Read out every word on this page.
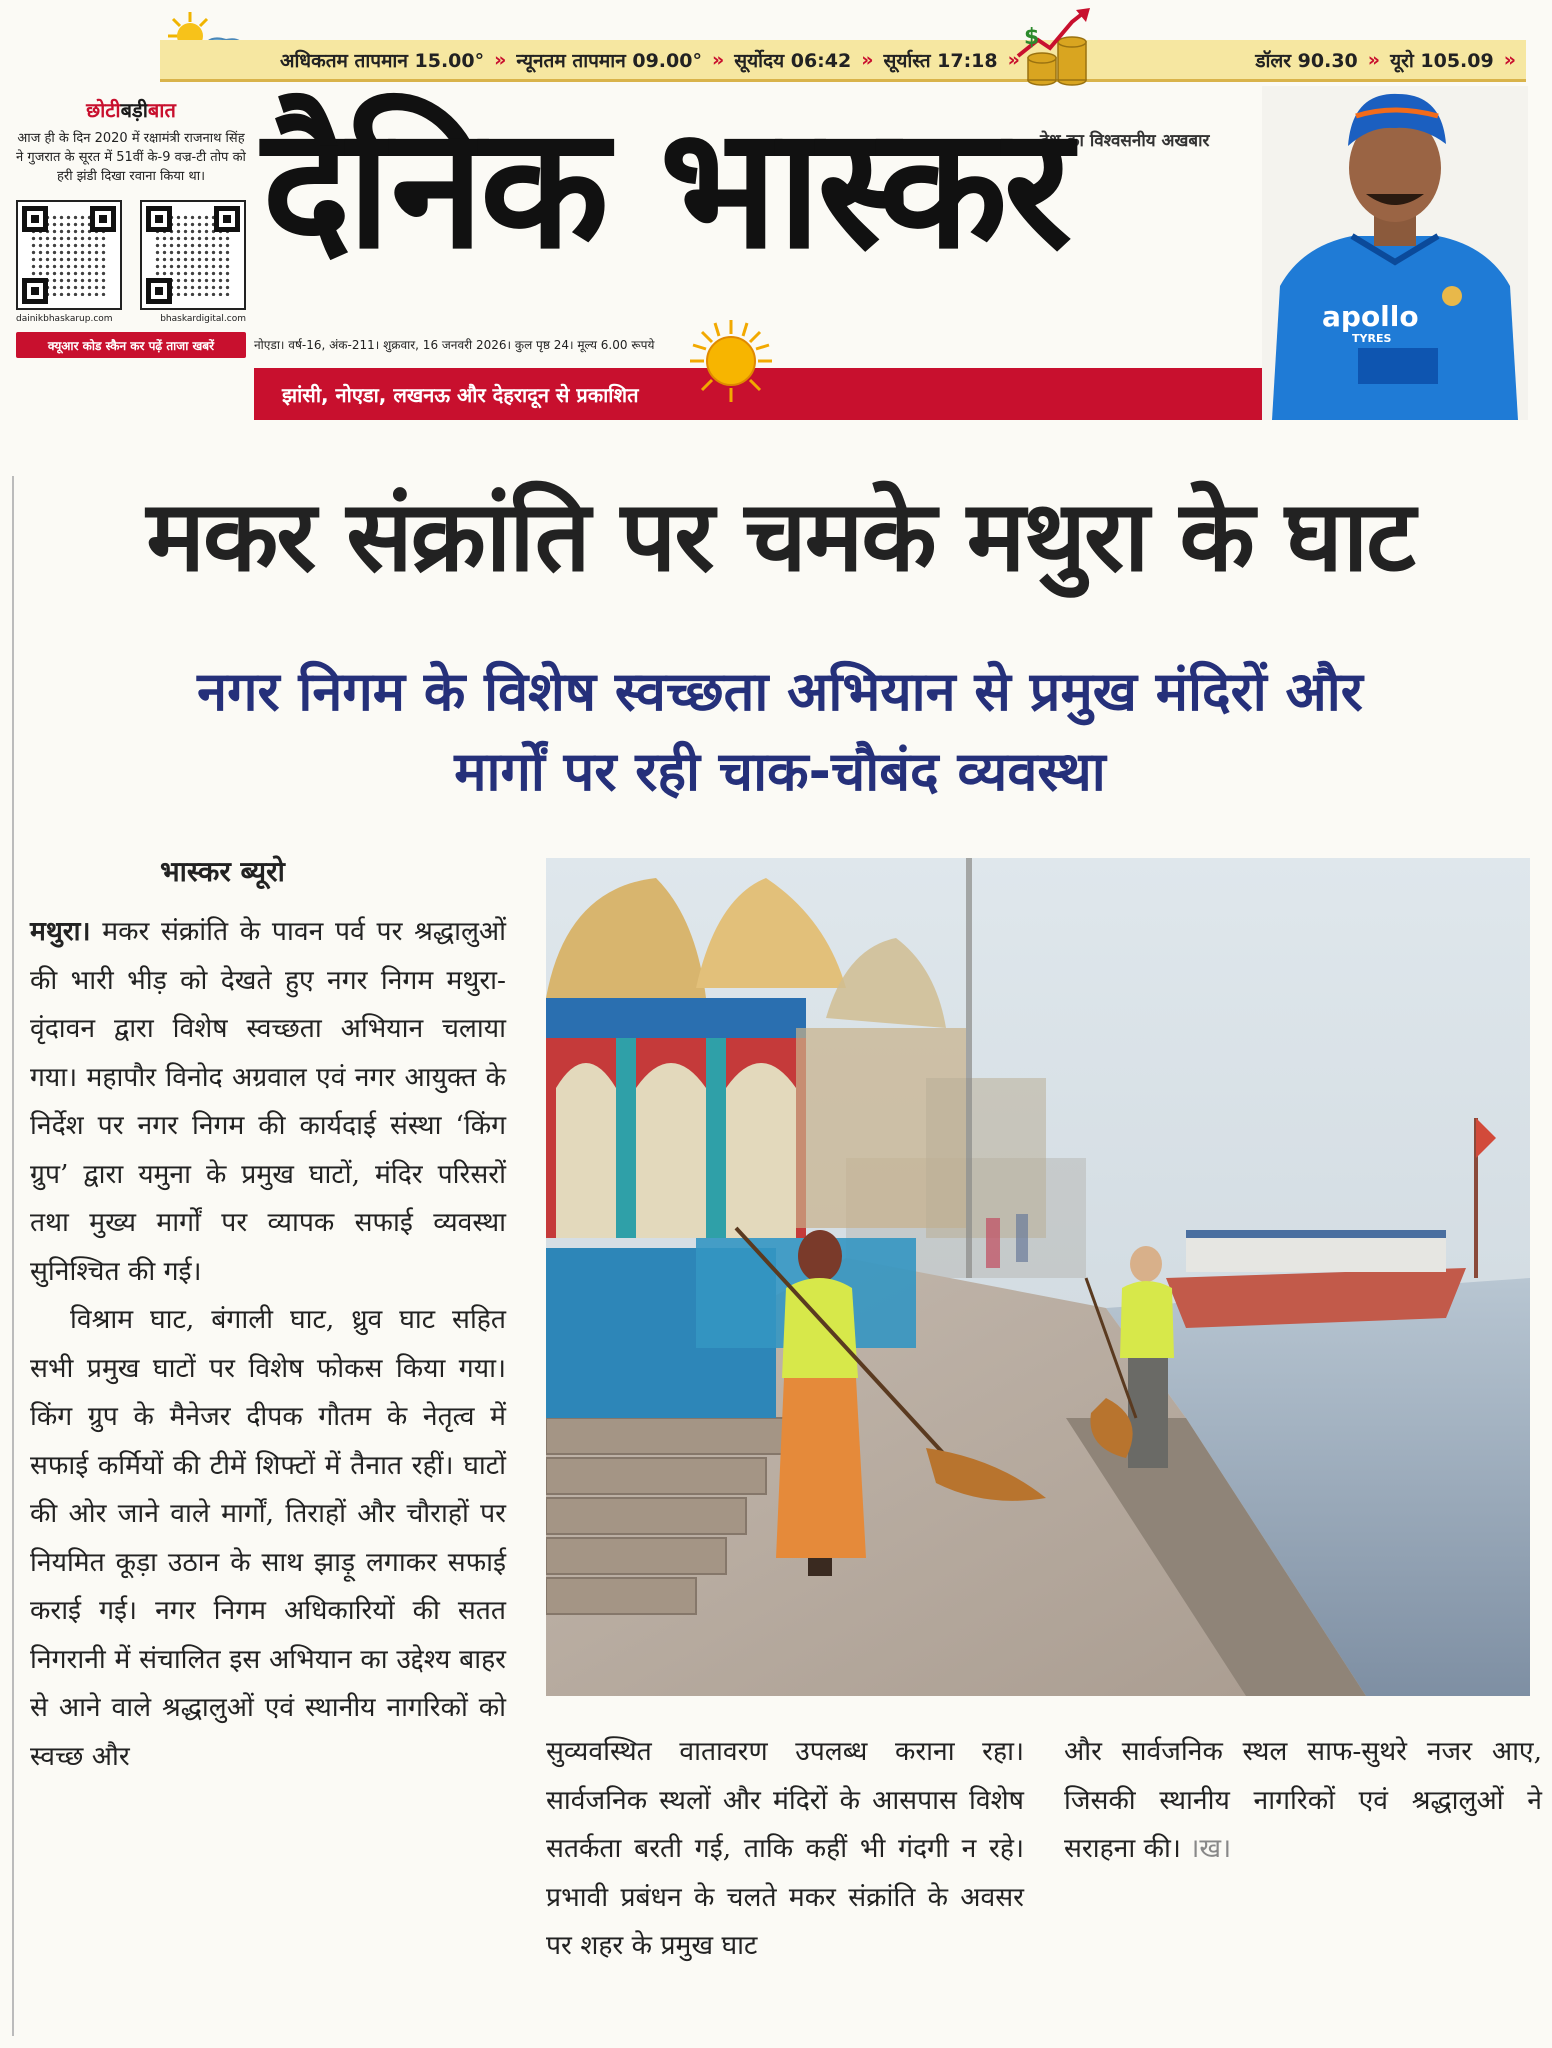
अधिकतम तापमान 15.00° » न्यूनतम तापमान 09.00° » सूर्योदय 06:42 » सूर्यास्त 17:18 »	डॉलर 90.30 » यूरो 105.09 »
$
छोटीबड़ीबात
आज ही के दिन 2020 में रक्षामंत्री राजनाथ सिंह ने गुजरात के सूरत में 51वीं के-9 वज्र-टी तोप को हरी झंडी दिखा रवाना किया था।
dainikbhaskarup.com	bhaskardigital.com
क्यूआर कोड स्कैन कर पढ़ें ताजा खबरें
देश का विश्वसनीय अखबार
दैनिक भास्कर
नोएडा। वर्ष-16, अंक-211। शुक्रवार, 16 जनवरी 2026। कुल पृष्ठ 24। मूल्य 6.00 रूपये
झांसी, नोएडा, लखनऊ और देहरादून से प्रकाशित
apollo
TYRES
मकर संक्रांति पर चमके मथुरा के घाट
नगर निगम के विशेष स्वच्छता अभियान से प्रमुख मंदिरों और
मार्गों पर रही चाक-चौबंद व्यवस्था
भास्कर ब्यूरो

मथुरा। मकर संक्रांति के पावन पर्व पर श्रद्धालुओं की भारी भीड़ को देखते हुए नगर निगम मथुरा-वृंदावन द्वारा विशेष स्वच्छता अभियान चलाया गया। महापौर विनोद अग्रवाल एवं नगर आयुक्त के निर्देश पर नगर निगम की कार्यदाई संस्था ‘किंग ग्रुप’ द्वारा यमुना के प्रमुख घाटों, मंदिर परिसरों तथा मुख्य मार्गों पर व्यापक सफाई व्यवस्था सुनिश्चित की गई।

विश्राम घाट, बंगाली घाट, ध्रुव घाट सहित सभी प्रमुख घाटों पर विशेष फोकस किया गया। किंग ग्रुप के मैनेजर दीपक गौतम के नेतृत्व में सफाई कर्मियों की टीमें शिफ्टों में तैनात रहीं। घाटों की ओर जाने वाले मार्गों, तिराहों और चौराहों पर नियमित कूड़ा उठान के साथ झाड़ू लगाकर सफाई कराई गई। नगर निगम अधिकारियों की सतत निगरानी में संचालित इस अभियान का उद्देश्य बाहर से आने वाले श्रद्धालुओं एवं स्थानीय नागरिकों को स्वच्छ और	सुव्यवस्थित वातावरण उपलब्ध कराना रहा। सार्वजनिक स्थलों और मंदिरों के आसपास विशेष सतर्कता बरती गई, ताकि कहीं भी गंदगी न रहे। प्रभावी प्रबंधन के चलते मकर संक्रांति के अवसर पर शहर के प्रमुख घाट

और सार्वजनिक स्थल साफ-सुथरे नजर आए, जिसकी स्थानीय नागरिकों एवं श्रद्धालुओं ने सराहना की। ।ख।
